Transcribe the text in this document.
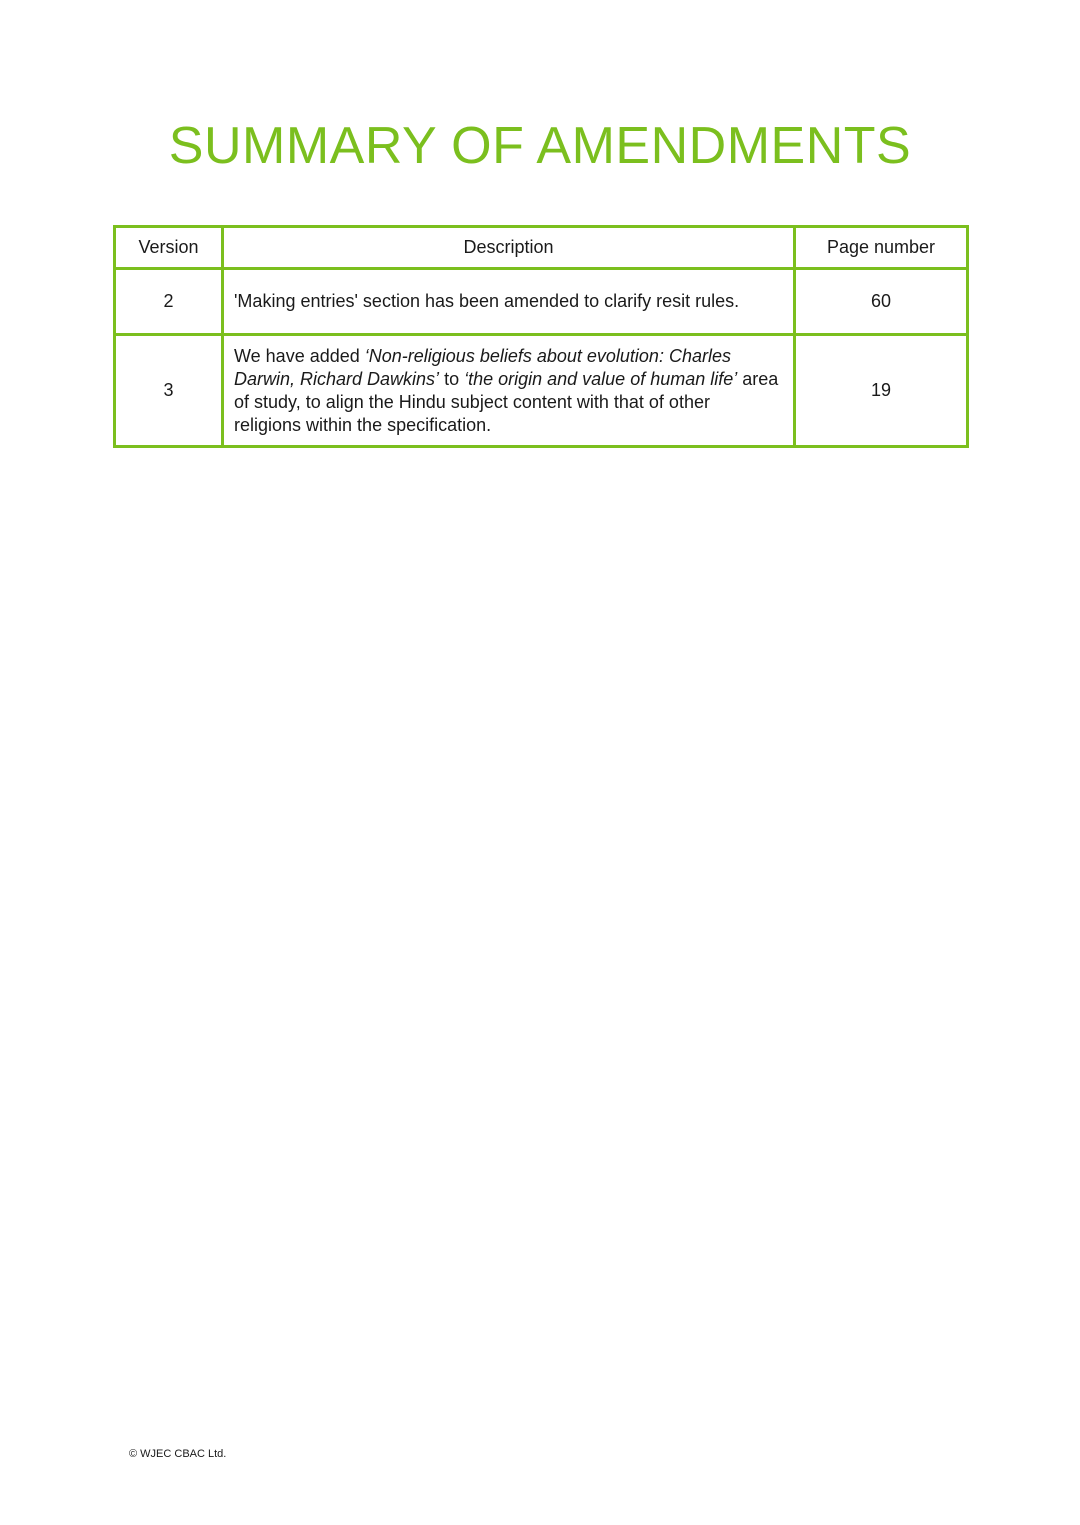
SUMMARY OF AMENDMENTS
Version	Description	Page number
2	'Making entries' section has been amended to clarify resit rules.	60
3	We have added ‘Non-religious beliefs about evolution: Charles Darwin, Richard Dawkins’ to ‘the origin and value of human life’ area of study, to align the Hindu subject content with that of other religions within the specification.	19
© WJEC CBAC Ltd.
